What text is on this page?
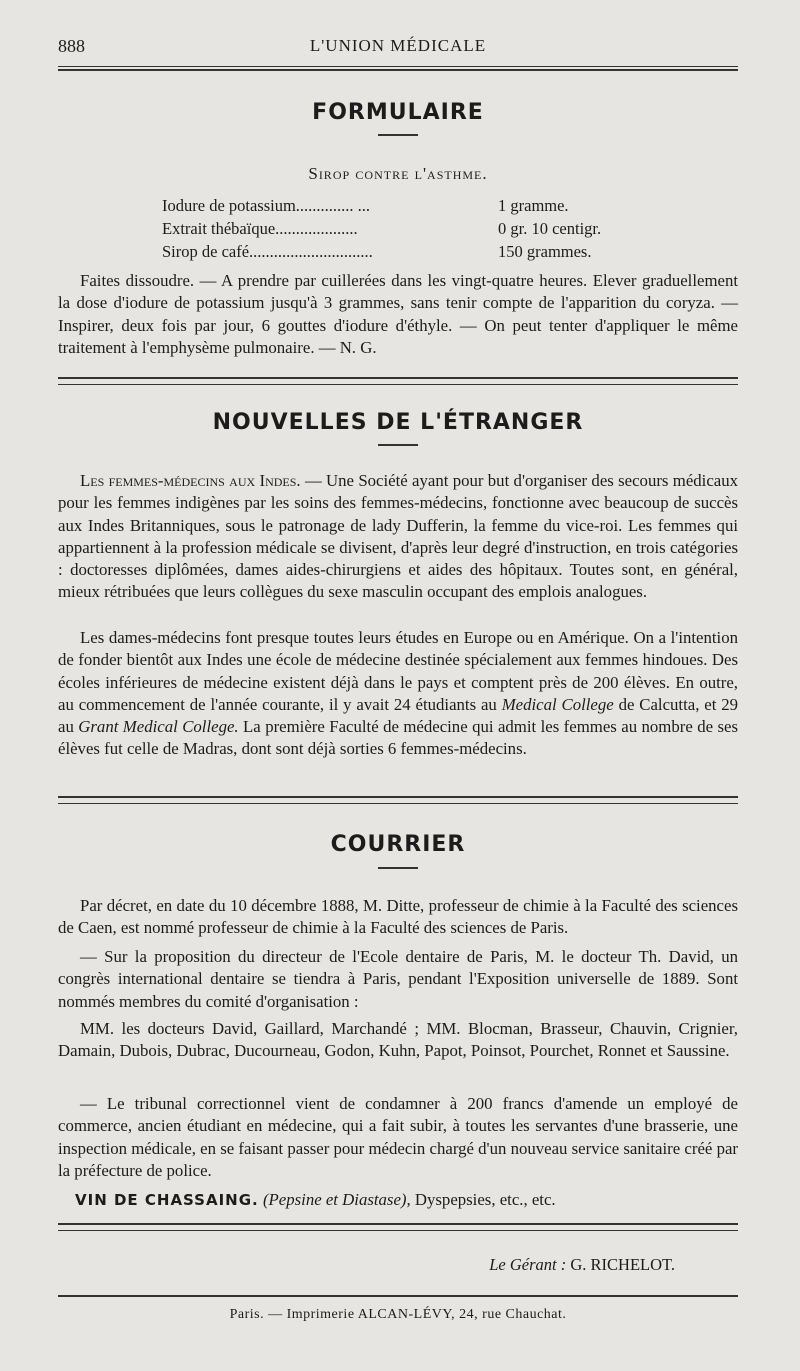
888	L'UNION MÉDICALE
FORMULAIRE
Sirop contre l'asthme.
Iodure de potassium.............. ...	1 gramme.
Extrait thébaïque....................	0 gr. 10 centigr.
Sirop de café..............................	150 grammes.
Faites dissoudre. — A prendre par cuillerées dans les vingt-quatre heures. Elever graduellement la dose d'iodure de potassium jusqu'à 3 grammes, sans tenir compte de l'apparition du coryza. — Inspirer, deux fois par jour, 6 gouttes d'iodure d'éthyle. — On peut tenter d'appliquer le même traitement à l'emphysème pulmonaire. — N. G.
NOUVELLES DE L'ÉTRANGER
Les femmes-médecins aux Indes. — Une Société ayant pour but d'organiser des secours médicaux pour les femmes indigènes par les soins des femmes-médecins, fonctionne avec beaucoup de succès aux Indes Britanniques, sous le patronage de lady Dufferin, la femme du vice-roi. Les femmes qui appartiennent à la profession médicale se divisent, d'après leur degré d'instruction, en trois catégories : doctoresses diplômées, dames aides-chirurgiens et aides des hôpitaux. Toutes sont, en général, mieux rétribuées que leurs collègues du sexe masculin occupant des emplois analogues.
Les dames-médecins font presque toutes leurs études en Europe ou en Amérique. On a l'intention de fonder bientôt aux Indes une école de médecine destinée spécialement aux femmes hindoues. Des écoles inférieures de médecine existent déjà dans le pays et comptent près de 200 élèves. En outre, au commencement de l'année courante, il y avait 24 étudiants au Medical College de Calcutta, et 29 au Grant Medical College. La première Faculté de médecine qui admit les femmes au nombre de ses élèves fut celle de Madras, dont sont déjà sorties 6 femmes-médecins.
COURRIER
Par décret, en date du 10 décembre 1888, M. Ditte, professeur de chimie à la Faculté des sciences de Caen, est nommé professeur de chimie à la Faculté des sciences de Paris.
— Sur la proposition du directeur de l'Ecole dentaire de Paris, M. le docteur Th. David, un congrès international dentaire se tiendra à Paris, pendant l'Exposition universelle de 1889. Sont nommés membres du comité d'organisation :
MM. les docteurs David, Gaillard, Marchandé ; MM. Blocman, Brasseur, Chauvin, Crignier, Damain, Dubois, Dubrac, Ducourneau, Godon, Kuhn, Papot, Poinsot, Pourchet, Ronnet et Saussine.
— Le tribunal correctionnel vient de condamner à 200 francs d'amende un employé de commerce, ancien étudiant en médecine, qui a fait subir, à toutes les servantes d'une brasserie, une inspection médicale, en se faisant passer pour médecin chargé d'un nouveau service sanitaire créé par la préfecture de police.
VIN DE CHASSAING. (Pepsine et Diastase), Dyspepsies, etc., etc.
Le Gérant : G. RICHELOT.
Paris. — Imprimerie ALCAN-LÉVY, 24, rue Chauchat.
